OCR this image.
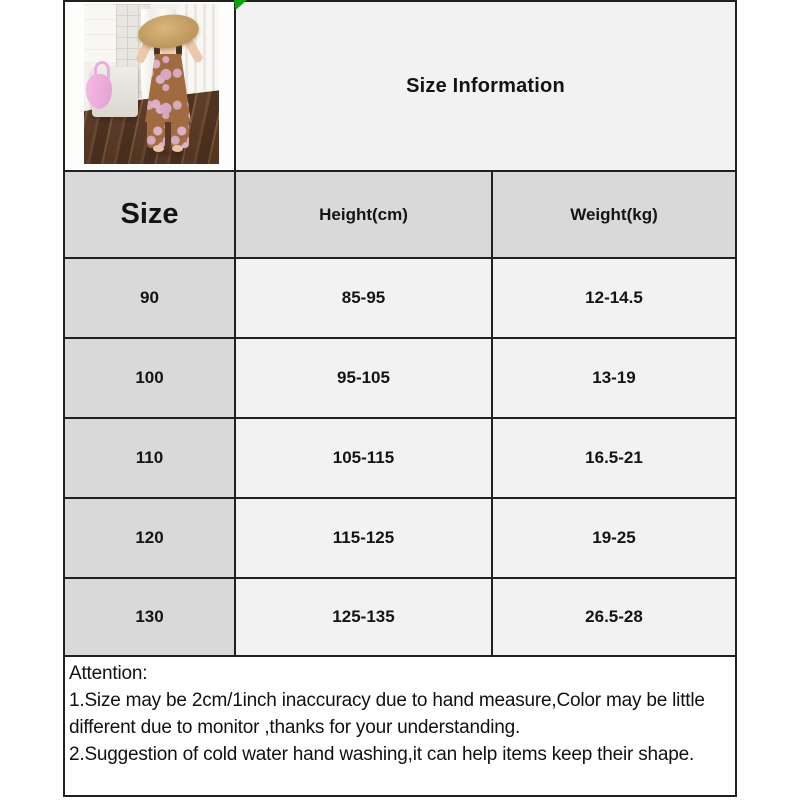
Size Information
Size	Height(cm)	Weight(kg)
90	85-95	12-14.5
100	95-105	13-19
110	105-115	16.5-21
120	115-125	19-25
130	125-135	26.5-28
Attention:
1.Size may be 2cm/1inch inaccuracy due to hand measure,Color may be little
different due to monitor ,thanks for your understanding.
2.Suggestion of cold water hand washing,it can help items keep their shape.
